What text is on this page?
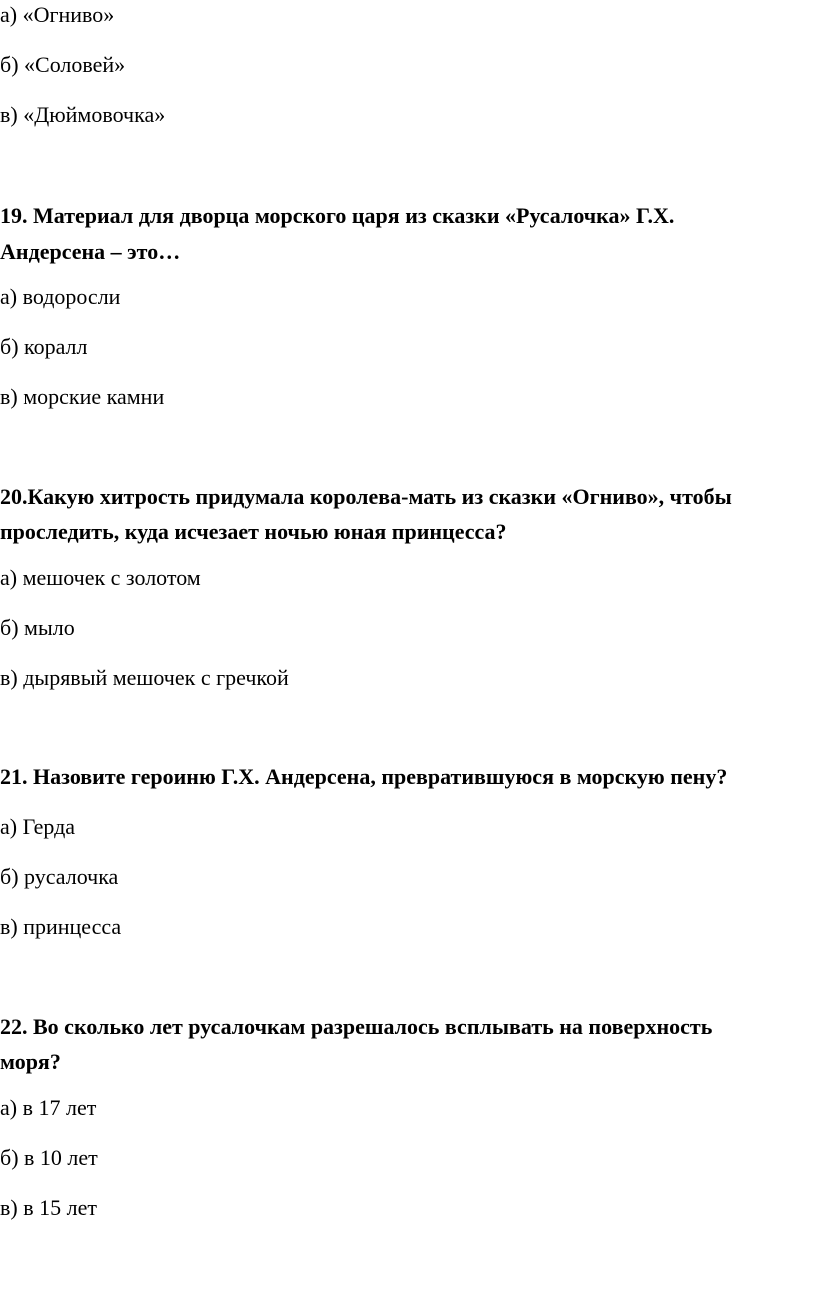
а) «Огниво»
б) «Соловей»
в) «Дюймовочка»
19. Материал для дворца морского царя из сказки «Русалочка» Г.Х.
Андерсена – это…
а) водоросли
б) коралл
в) морские камни
20.Какую хитрость придумала королева-мать из сказки «Огниво», чтобы
проследить, куда исчезает ночью юная принцесса?
а) мешочек с золотом
б) мыло
в) дырявый мешочек с гречкой
21. Назовите героиню Г.Х. Андерсена, превратившуюся в морскую пену?
а) Герда
б) русалочка
в) принцесса
22. Во сколько лет русалочкам разрешалось всплывать на поверхность
моря?
а) в 17 лет
б) в 10 лет
в) в 15 лет
